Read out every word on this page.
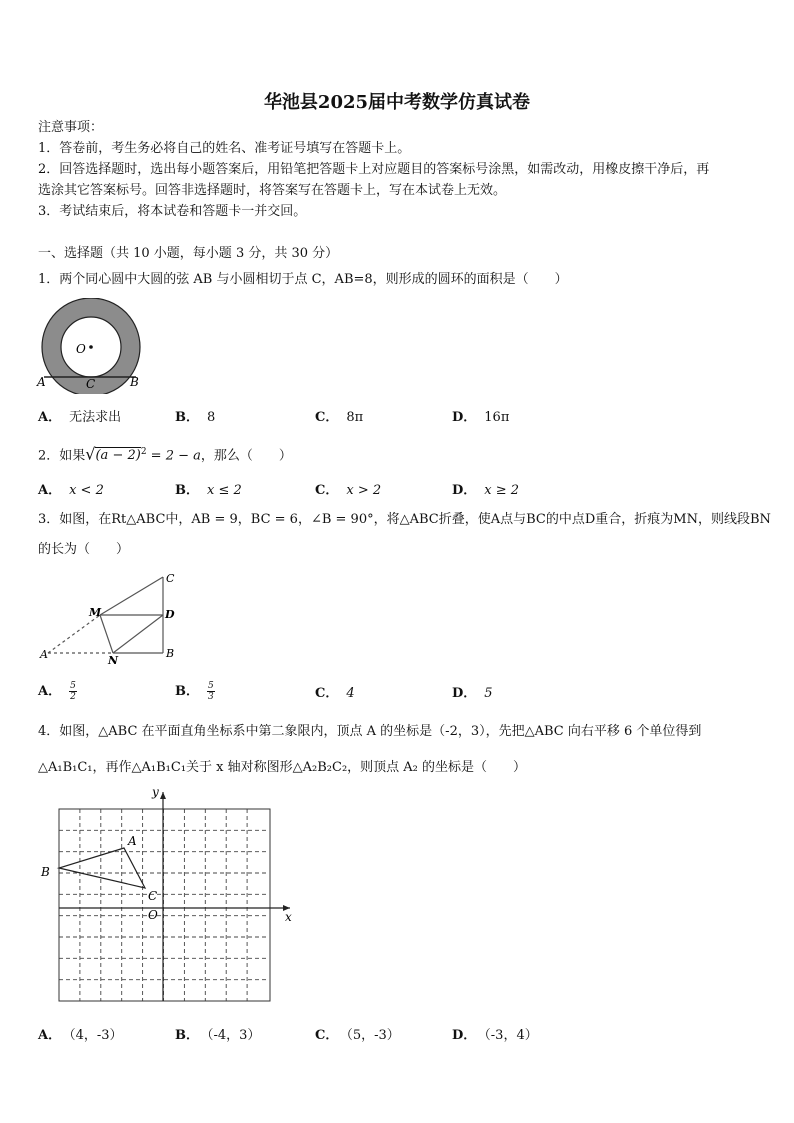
华池县2025届中考数学仿真试卷
注意事项：
1．答卷前，考生务必将自己的姓名、准考证号填写在答题卡上。
2．回答选择题时，选出每小题答案后，用铅笔把答题卡上对应题目的答案标号涂黑，如需改动，用橡皮擦干净后，再
选涂其它答案标号。回答非选择题时，将答案写在答题卡上，写在本试卷上无效。
3．考试结束后，将本试卷和答题卡一并交回。
一、选择题（共 10 小题，每小题 3 分，共 30 分）
1．两个同心圆中大圆的弦 AB 与小圆相切于点 C，AB=8，则形成的圆环的面积是（　　）
O
A	C	B
A． 无法求出	B． 8	C． 8π	D． 16π
2．如果$√(a - 2)^2 = 2 - a$，那么（　　）
A． x < 2	B． x ≤ 2	C． x > 2	D． x ≥ 2
3．如图，在Rt△ABC中，AB = 9，BC = 6，∠B = 90°，将△ABC折叠，使A点与BC的中点D重合，折痕为MN，则线段BN
的长为（　　）
C
M	D
A	N
B
A． $\frac{5}{2}$	B． $\frac{5}{3}$	C． 4	D． 5
4．如图，△ABC 在平面直角坐标系中第二象限内，顶点 A 的坐标是（-2，3），先把△ABC 向右平移 6 个单位得到
△A₁B₁C₁，再作△A₁B₁C₁关于 x 轴对称图形△A₂B₂C₂，则顶点 A₂ 的坐标是（　　）
A
B
C
O	x
y
A． （4，-3）	B． （-4，3）	C． （5，-3）	D． （-3，4）
